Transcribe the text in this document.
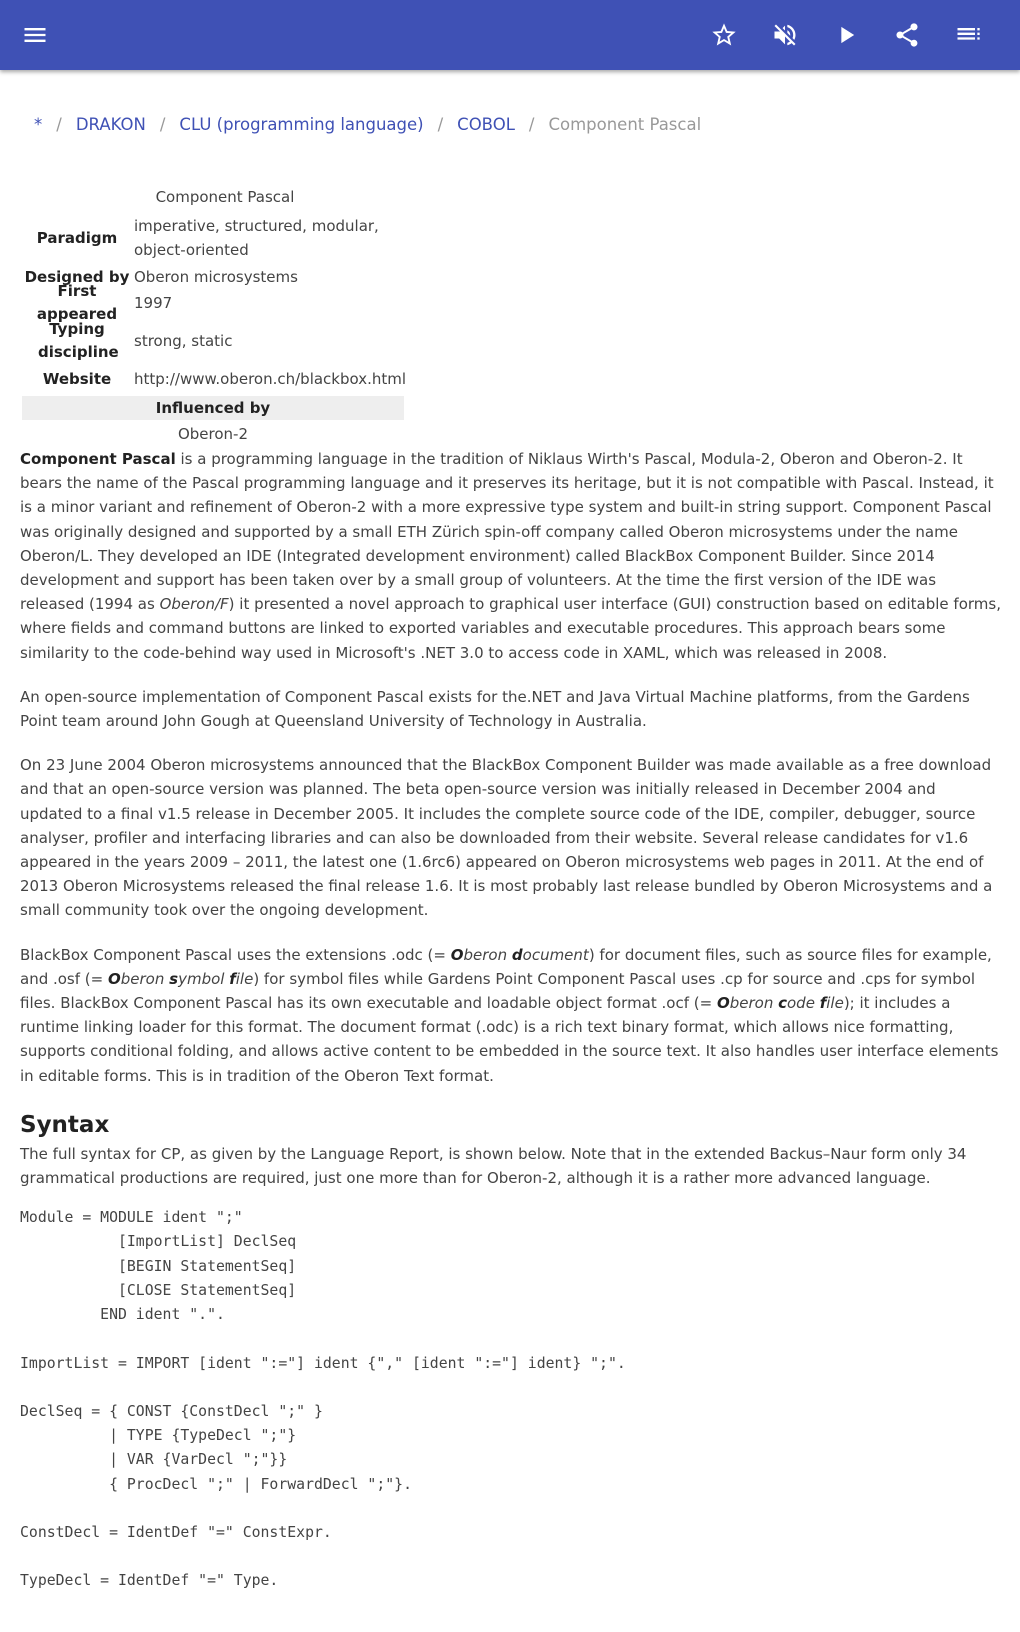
* / DRAKON / CLU (programming language) / COBOL / Component Pascal
Component Pascal
Paradigm
imperative, structured, modular, object-oriented
Designed by Oberon microsystems
First appeared
1997
Typing discipline
strong, static
Website	http://www.oberon.ch/blackbox.html
Influenced by
Oberon-2

Component Pascal is a programming language in the tradition of Niklaus Wirth's Pascal, Modula-2, Oberon and Oberon-2. It bears the name of the Pascal programming language and it preserves its heritage, but it is not compatible with Pascal. Instead, it is a minor variant and refinement of Oberon-2 with a more expressive type system and built-in string support. Component Pascal was originally designed and supported by a small ETH Zürich spin-off company called Oberon microsystems under the name Oberon/L. They developed an IDE (Integrated development environment) called BlackBox Component Builder. Since 2014 development and support has been taken over by a small group of volunteers. At the time the first version of the IDE was released (1994 as Oberon/F) it presented a novel approach to graphical user interface (GUI) construction based on editable forms, where fields and command buttons are linked to exported variables and executable procedures. This approach bears some similarity to the code-behind way used in Microsoft's .NET 3.0 to access code in XAML, which was released in 2008.

An open-source implementation of Component Pascal exists for the.NET and Java Virtual Machine platforms, from the Gardens Point team around John Gough at Queensland University of Technology in Australia.

On 23 June 2004 Oberon microsystems announced that the BlackBox Component Builder was made available as a free download and that an open-source version was planned. The beta open-source version was initially released in December 2004 and updated to a final v1.5 release in December 2005. It includes the complete source code of the IDE, compiler, debugger, source analyser, profiler and interfacing libraries and can also be downloaded from their website. Several release candidates for v1.6 appeared in the years 2009 – 2011, the latest one (1.6rc6) appeared on Oberon microsystems web pages in 2011. At the end of 2013 Oberon Microsystems released the final release 1.6. It is most probably last release bundled by Oberon Microsystems and a small community took over the ongoing development.

BlackBox Component Pascal uses the extensions .odc (= Oberon document) for document files, such as source files for example, and .osf (= Oberon symbol file) for symbol files while Gardens Point Component Pascal uses .cp for source and .cps for symbol files. BlackBox Component Pascal has its own executable and loadable object format .ocf (= Oberon code file); it includes a runtime linking loader for this format. The document format (.odc) is a rich text binary format, which allows nice formatting, supports conditional folding, and allows active content to be embedded in the source text. It also handles user interface elements in editable forms. This is in tradition of the Oberon Text format.

Syntax

The full syntax for CP, as given by the Language Report, is shown below. Note that in the extended Backus–Naur form only 34 grammatical productions are required, just one more than for Oberon-2, although it is a rather more advanced language.

Module = MODULE ident ";"
[ImportList] DeclSeq
[BEGIN StatementSeq]
[CLOSE StatementSeq]
END ident ".".

ImportList = IMPORT [ident ":="] ident {"," [ident ":="] ident} ";".

DeclSeq = { CONST {ConstDecl ";" }
| TYPE {TypeDecl ";"}
| VAR {VarDecl ";"}}
{ ProcDecl ";" | ForwardDecl ";"}.

ConstDecl = IdentDef "=" ConstExpr.

TypeDecl = IdentDef "=" Type.
